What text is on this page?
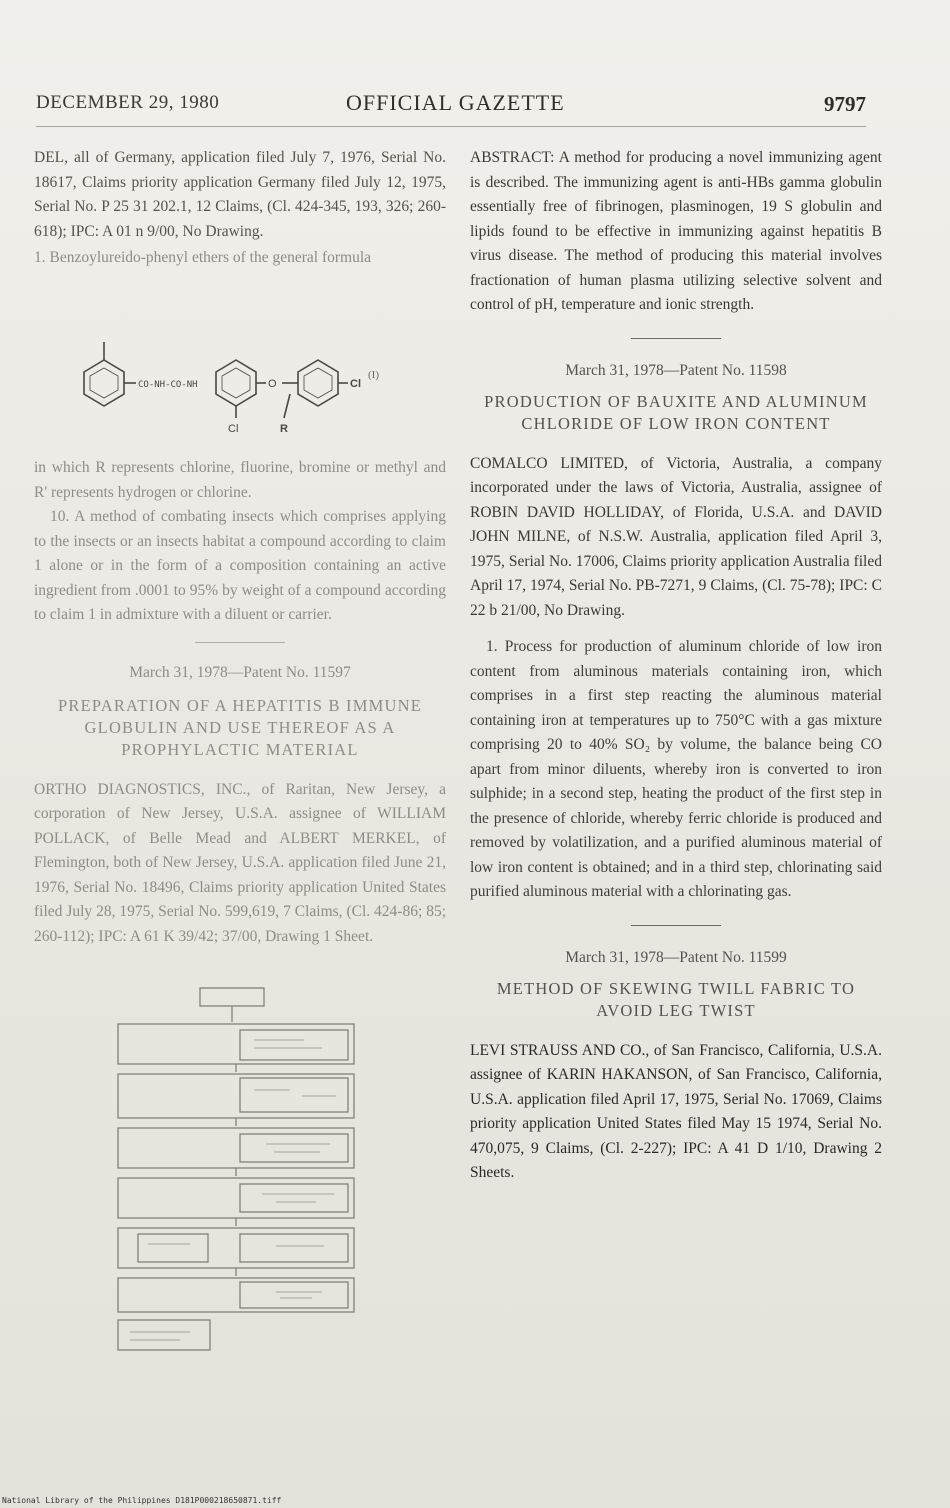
DECEMBER 29, 1980	OFFICIAL GAZETTE	9797

DEL, all of Germany, application filed July 7, 1976, Serial No. 18617, Claims priority application Germany filed July 12, 1975, Serial No. P 25 31 202.1, 12 Claims, (Cl. 424-345, 193, 326; 260-618); IPC: A 01 n 9/00, No Drawing.

1. Benzoylureido-phenyl ethers of the general formula

CO-NH-CO-NH	O	Cl
Cl	R
(I)

in which R represents chlorine, fluorine, bromine or methyl and R' represents hydrogen or chlorine.

10. A method of combating insects which comprises applying to the insects or an insects habitat a compound according to claim 1 alone or in the form of a composition containing an active ingredient from .0001 to 95% by weight of a compound according to claim 1 in admixture with a diluent or carrier.

March 31, 1978—Patent No. 11597

PREPARATION OF A HEPATITIS B IMMUNE GLOBULIN AND USE THEREOF AS A PROPHYLACTIC MATERIAL

ORTHO DIAGNOSTICS, INC., of Raritan, New Jersey, a corporation of New Jersey, U.S.A. assignee of WILLIAM POLLACK, of Belle Mead and ALBERT MERKEL, of Flemington, both of New Jersey, U.S.A. application filed June 21, 1976, Serial No. 18496, Claims priority application United States filed July 28, 1975, Serial No. 599,619, 7 Claims, (Cl. 424-86; 85; 260-112); IPC: A 61 K 39/42; 37/00, Drawing 1 Sheet.

ABSTRACT: A method for producing a novel immunizing agent is described. The immunizing agent is anti-HBs gamma globulin essentially free of fibrinogen, plasminogen, 19 S globulin and lipids found to be effective in immunizing against hepatitis B virus disease. The method of producing this material involves fractionation of human plasma utilizing selective solvent and control of pH, temperature and ionic strength.

March 31, 1978—Patent No. 11598

PRODUCTION OF BAUXITE AND ALUMINUM CHLORIDE OF LOW IRON CONTENT

COMALCO LIMITED, of Victoria, Australia, a company incorporated under the laws of Victoria, Australia, assignee of ROBIN DAVID HOLLIDAY, of Florida, U.S.A. and DAVID JOHN MILNE, of N.S.W. Australia, application filed April 3, 1975, Serial No. 17006, Claims priority application Australia filed April 17, 1974, Serial No. PB-7271, 9 Claims, (Cl. 75-78); IPC: C 22 b 21/00, No Drawing.

1. Process for production of aluminum chloride of low iron content from aluminous materials containing iron, which comprises in a first step reacting the aluminous material containing iron at temperatures up to 750°C with a gas mixture comprising 20 to 40% SO₂ by volume, the balance being CO apart from minor diluents, whereby iron is converted to iron sulphide; in a second step, heating the product of the first step in the presence of chloride, whereby ferric chloride is produced and removed by volatilization, and a purified aluminous material of low iron content is obtained; and in a third step, chlorinating said purified aluminous material with a chlorinating gas.

March 31, 1978—Patent No. 11599

METHOD OF SKEWING TWILL FABRIC TO AVOID LEG TWIST

LEVI STRAUSS AND CO., of San Francisco, California, U.S.A. assignee of KARIN HAKANSON, of San Francisco, California, U.S.A. application filed April 17, 1975, Serial No. 17069, Claims priority application United States filed May 15 1974, Serial No. 470,075, 9 Claims, (Cl. 2-227); IPC: A 41 D 1/10, Drawing 2 Sheets.

National Library of the Philippines D181P000218650871.tiff
